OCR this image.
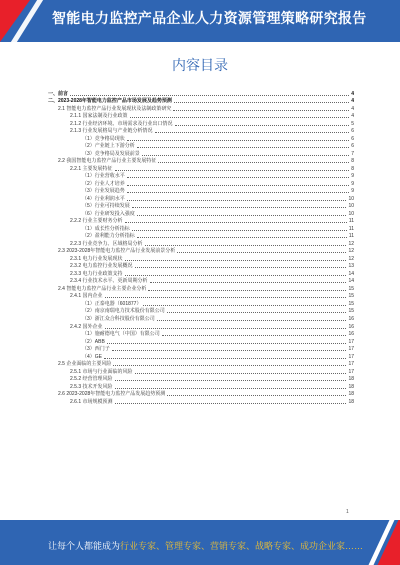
智能电力监控产品企业人力资源管理策略研究报告
内容目录
一、前言	4
二、2023-2028年智能电力监控产品市场发展及趋势预测	4
2.1 智能电力监控产品行业发展现状及法制政策研究	4
2.1.1 国家法制及行业政策	4
2.1.2 行业经济环境、市场需求及行业出口情况	5
2.1.3 行业发展格局与产业链分析情况	6
（1）竞争格局现状	6
（2）产业链上下游分析	6
（3）竞争格局及发展前景	7
2.2 我国智能电力监控产品行业主要发展特征	8
2.2.1 主要发展特征	8
（1）行业营收水平	9
（2）行业人才培养	9
（3）行业发展趋势	9
（4）行业利润水平	10
（5）行业可持续发展	10
（6）行业研发投入强度	10
2.2.2 行业主要财务分析	11
（1）成长性分析指标	11
（2）盈利能力分析指标	11
2.2.3 行业竞争力、区域格局分析	12
2.3 2023-2028年智能电力监控产品行业发展前景分析	12
2.3.1 电力行业发展现状	12
2.3.2 电力监控行业发展概况	13
2.3.3 电力行业政策支持	14
2.3.4 行业技术水平、更新周期分析	14
2.4 智能电力监控产品行业主要企业分析	15
2.4.1 国内企业	15
（1）正泰电器（601877）	15
（2）南京南瑞电力技术股份有限公司	15
（3）浙江众合科技股份有限公司	16
2.4.2 国外企业	16
（1）施耐德电气（中国）有限公司	16
（2）ABB	17
（3）西门子	17
（4）GE	17
2.5 企业面临的主要风险	17
2.5.1 市场与行业面临的风险	17
2.5.2 经营管理风险	18
2.5.3 技术开发风险	18
2.6 2023-2028年智能电力监控产品发展趋势预测	18
2.6.1 市场规模预测	18
1
让每个人都能成为行业专家、管理专家、营销专家、战略专家、成功企业家……
